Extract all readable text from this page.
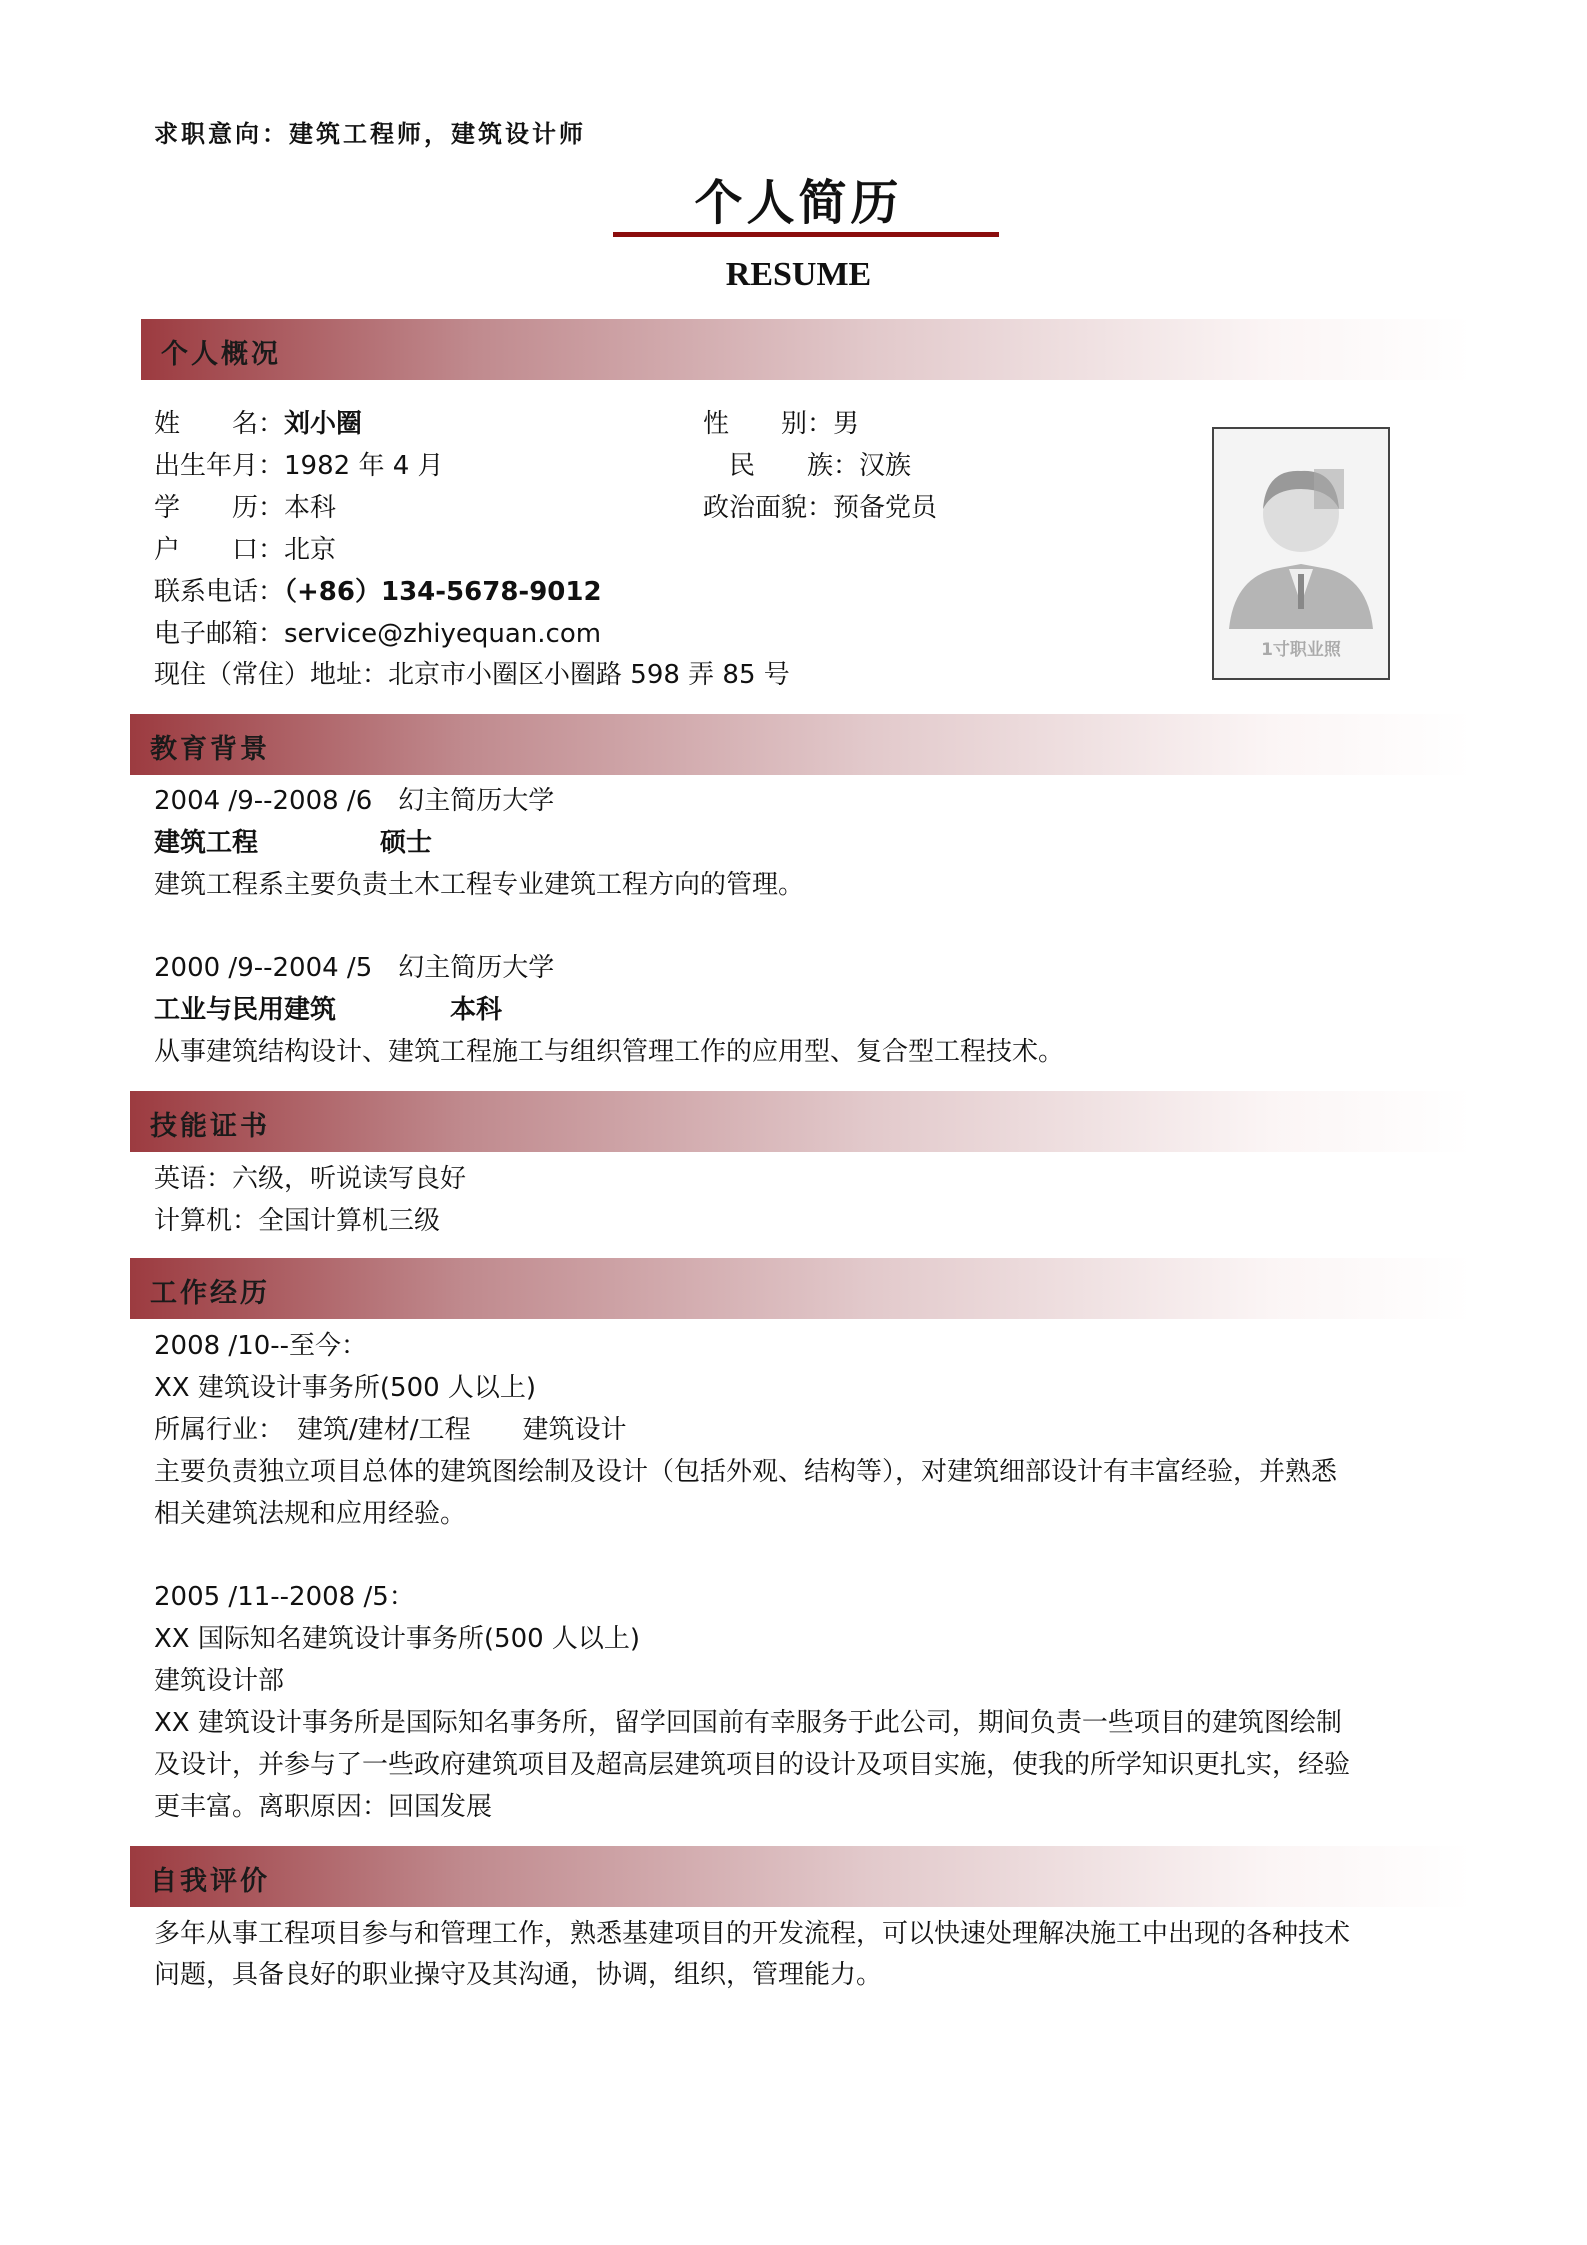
求职意向：建筑工程师，建筑设计师
个人简历
RESUME
个人概况
姓　　名：刘小圈	性　　别：男
出生年月：1982 年 4 月	民　　族：汉族
学　　历：本科	政治面貌：预备党员
户　　口：北京
联系电话：（+86）134-5678-9012
电子邮箱：service@zhiyequan.com
现住（常住）地址：北京市小圈区小圈路 598 弄 85 号
1寸职业照
教育背景
2004 /9--2008 /6　 幻主简历大学
建筑工程	硕士
建筑工程系主要负责土木工程专业建筑工程方向的管理。
2000 /9--2004 /5　 幻主简历大学
工业与民用建筑	本科
从事建筑结构设计、建筑工程施工与组织管理工作的应用型、复合型工程技术。
技能证书
英语：六级，听说读写良好
计算机：全国计算机三级
工作经历
2008 /10--至今：
XX 建筑设计事务所(500 人以上)
所属行业：　建筑/建材/工程　　建筑设计
主要负责独立项目总体的建筑图绘制及设计（包括外观、结构等），对建筑细部设计有丰富经验，并熟悉
相关建筑法规和应用经验。
2005 /11--2008 /5：
XX 国际知名建筑设计事务所(500 人以上)
建筑设计部
XX 建筑设计事务所是国际知名事务所，留学回国前有幸服务于此公司，期间负责一些项目的建筑图绘制
及设计，并参与了一些政府建筑项目及超高层建筑项目的设计及项目实施，使我的所学知识更扎实，经验
更丰富。离职原因：回国发展
自我评价
多年从事工程项目参与和管理工作，熟悉基建项目的开发流程，可以快速处理解决施工中出现的各种技术
问题，具备良好的职业操守及其沟通，协调，组织，管理能力。
